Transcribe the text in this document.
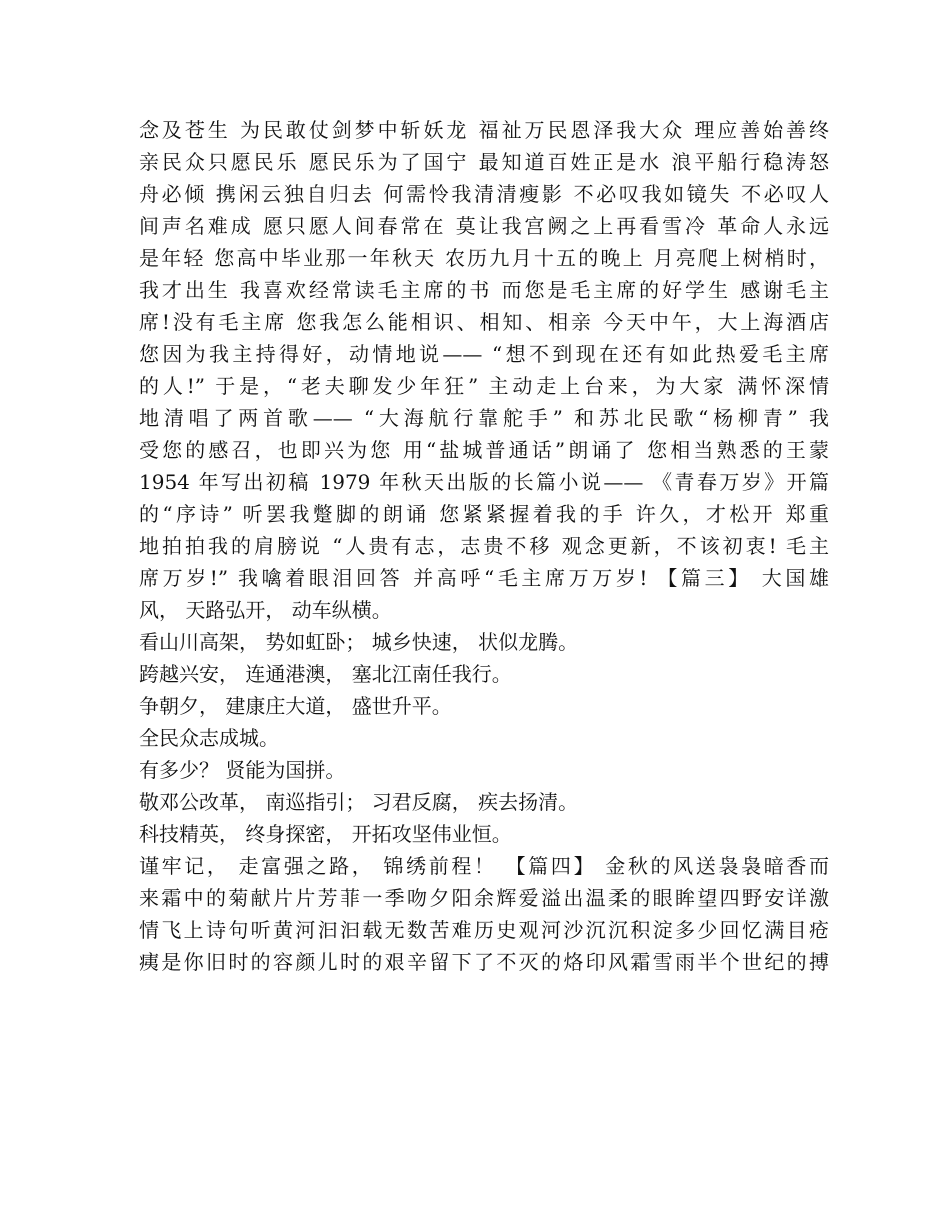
念及苍生 为民敢仗剑梦中斩妖龙 福祉万民恩泽我大众 理应善始善终
亲民众只愿民乐 愿民乐为了国宁 最知道百姓正是水 浪平船行稳涛怒
舟必倾 携闲云独自归去 何需怜我清清瘦影 不必叹我如镜失 不必叹人
间声名难成 愿只愿人间春常在 莫让我宫阙之上再看雪冷 革命人永远
是年轻 您高中毕业那一年秋天 农历九月十五的晚上 月亮爬上树梢时，
我才出生 我喜欢经常读毛主席的书 而您是毛主席的好学生 感谢毛主
席!没有毛主席 您我怎么能相识、相知、相亲 今天中午，大上海酒店
您因为我主持得好，动情地说—— “想不到现在还有如此热爱毛主席
的人!” 于是，“老夫聊发少年狂” 主动走上台来，为大家 满怀深情
地清唱了两首歌—— “大海航行靠舵手” 和苏北民歌“杨柳青” 我
受您的感召，也即兴为您 用“盐城普通话”朗诵了 您相当熟悉的王蒙
1954 年写出初稿 1979 年秋天出版的长篇小说—— 《青春万岁》开篇
的“序诗” 听罢我蹩脚的朗诵 您紧紧握着我的手 许久，才松开 郑重
地拍拍我的肩膀说 “人贵有志，志贵不移 观念更新，不该初衷! 毛主
席万岁!” 我噙着眼泪回答 并高呼“毛主席万万岁! 【篇三】 大国雄
风， 天路弘开， 动车纵横。
看山川高架， 势如虹卧； 城乡快速， 状似龙腾。
跨越兴安， 连通港澳， 塞北江南任我行。
争朝夕， 建康庄大道， 盛世升平。
全民众志成城。
有多少？ 贤能为国拼。
敬邓公改革， 南巡指引； 习君反腐， 疾去扬清。
科技精英， 终身探密， 开拓攻坚伟业恒。
谨牢记， 走富强之路， 锦绣前程！ 【篇四】 金秋的风送袅袅暗香而
来霜中的菊献片片芳菲一季吻夕阳余辉爱溢出温柔的眼眸望四野安详激
情飞上诗句听黄河汩汩载无数苦难历史观河沙沉沉积淀多少回忆满目疮
痍是你旧时的容颜儿时的艰辛留下了不灭的烙印风霜雪雨半个世纪的搏
